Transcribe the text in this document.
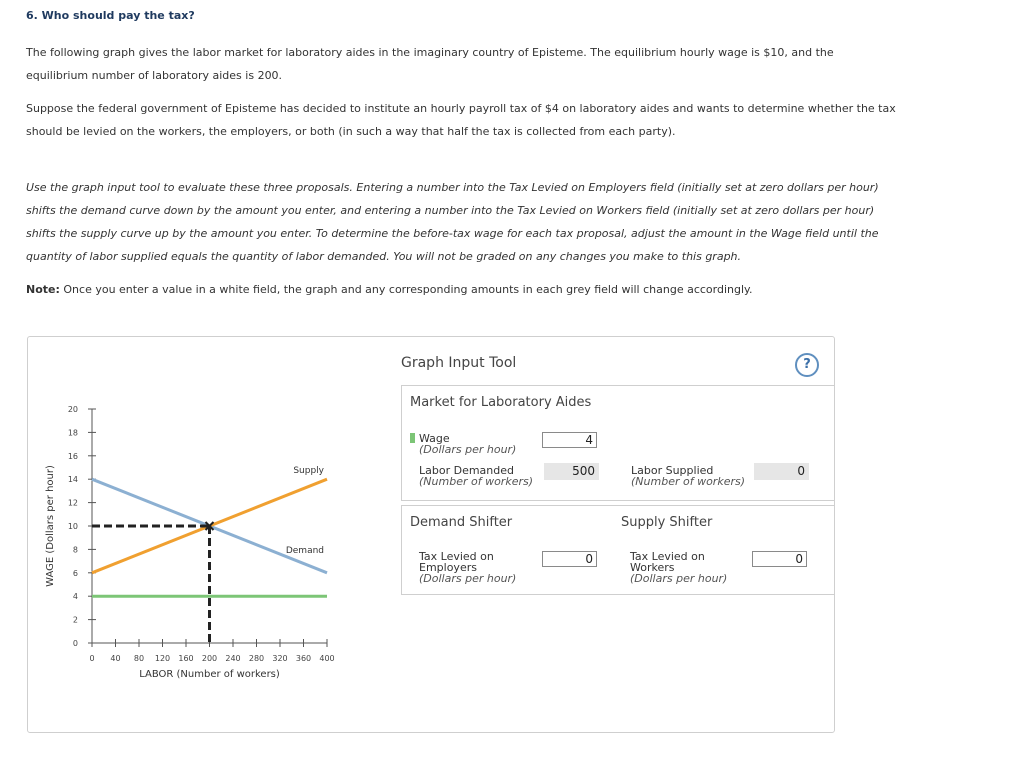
6. Who should pay the tax?

The following graph gives the labor market for laboratory aides in the imaginary country of Episteme. The equilibrium hourly wage is $10, and the equilibrium number of laboratory aides is 200.

Suppose the federal government of Episteme has decided to institute an hourly payroll tax of $4 on laboratory aides and wants to determine whether the tax should be levied on the workers, the employers, or both (in such a way that half the tax is collected from each party).

Use the graph input tool to evaluate these three proposals. Entering a number into the Tax Levied on Employers field (initially set at zero dollars per hour) shifts the demand curve down by the amount you enter, and entering a number into the Tax Levied on Workers field (initially set at zero dollars per hour) shifts the supply curve up by the amount you enter. To determine the before-tax wage for each tax proposal, adjust the amount in the Wage field until the quantity of labor supplied equals the quantity of labor demanded. You will not be graded on any changes you make to this graph.

Note: Once you enter a value in a white field, the graph and any corresponding amounts in each grey field will change accordingly.

0
2
4
6
8
10
12
14
16
18
20
0 40 80 120 160 200 240 280 320 360 400
LABOR (Number of workers)
WAGE (Dollars per hour)	Demand
Supply
Graph Input Tool	?
Market for Laboratory Aides
Wage
(Dollars per hour)
4
Labor Demanded
(Number of workers)
500	Labor Supplied
(Number of workers)
0
Demand Shifter	Supply Shifter
Tax Levied on
Employers
(Dollars per hour)
0	Tax Levied on
Workers
(Dollars per hour)
0
